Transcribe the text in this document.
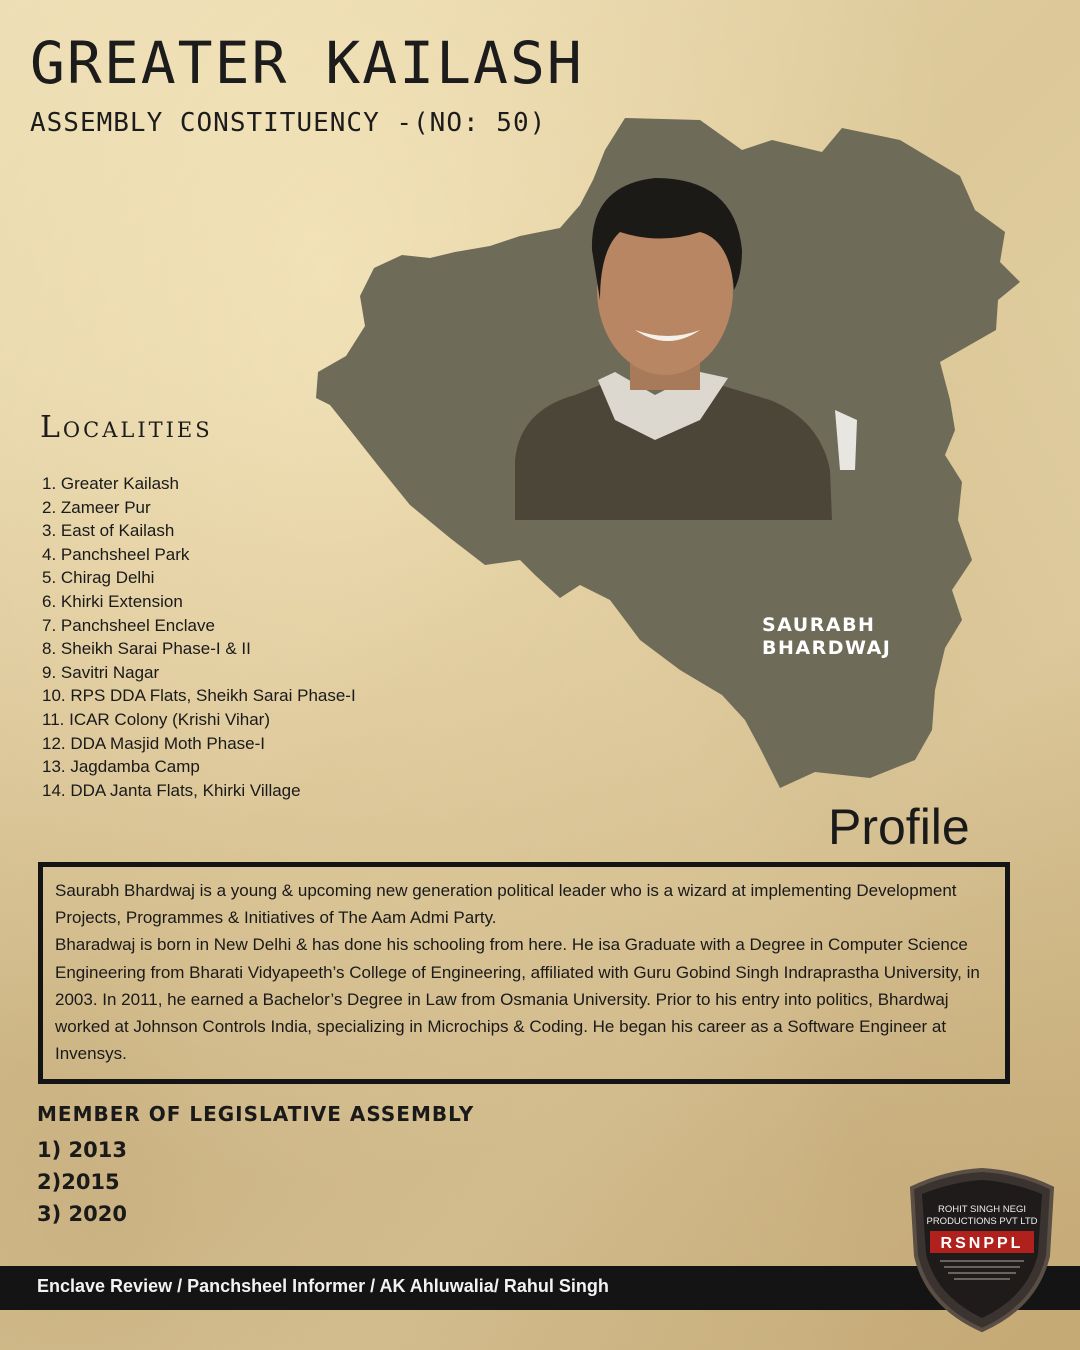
GREATER KAILASH
ASSEMBLY CONSTITUENCY -(NO: 50)
Localities
1. Greater Kailash
2. Zameer Pur
3. East of Kailash
4. Panchsheel Park
5. Chirag Delhi
6. Khirki Extension
7. Panchsheel Enclave
8. Sheikh Sarai Phase-I & II
9. Savitri Nagar
10. RPS DDA Flats, Sheikh Sarai Phase-I
11. ICAR Colony (Krishi Vihar)
12. DDA Masjid Moth Phase-I
13. Jagdamba Camp
14. DDA Janta Flats, Khirki Village
SAURABH
BHARDWAJ
Profile

Saurabh Bhardwaj is a young & upcoming new generation political leader who is a wizard at implementing Development Projects, Programmes & Initiatives of The Aam Admi Party.

Bharadwaj is born in New Delhi & has done his schooling from here. He isa Graduate with a Degree in Computer Science Engineering from Bharati Vidyapeeth’s College of Engineering, affiliated with Guru Gobind Singh Indraprastha University, in 2003. In 2011, he earned a Bachelor’s Degree in Law from Osmania University. Prior to his entry into politics, Bhardwaj worked at Johnson Controls India, specializing in Microchips & Coding. He began his career as a Software Engineer at Invensys.

MEMBER OF LEGISLATIVE ASSEMBLY
1) 2013
2)2015
3) 2020
Enclave Review / Panchsheel Informer / AK Ahluwalia/ Rahul Singh
ROHIT SINGH NEGI
PRODUCTIONS PVT LTD
RSNPPL
